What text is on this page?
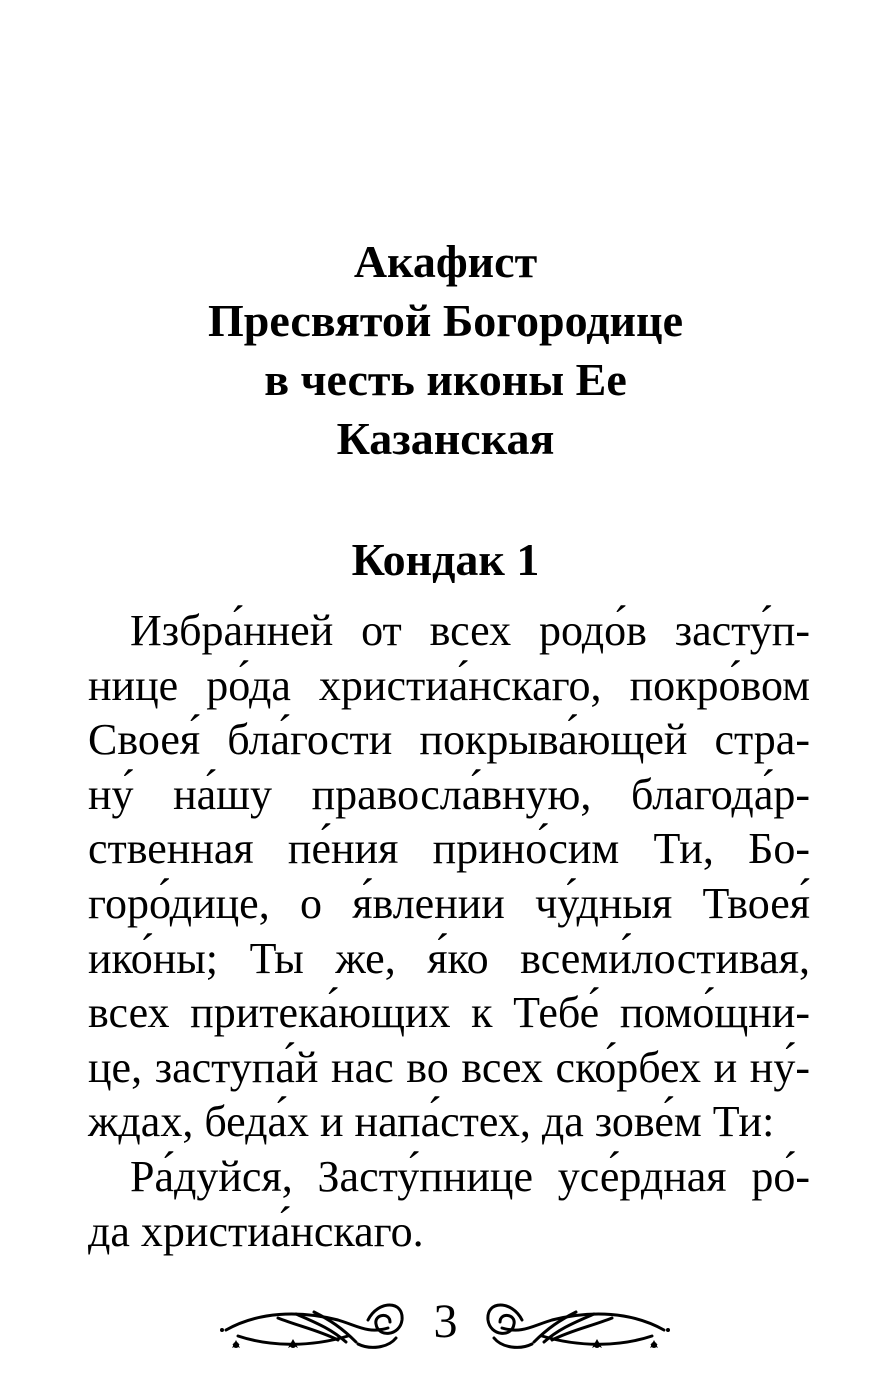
Акафист
Пресвятой Богородице
в честь иконы Ее
Казанская
Кондак 1
Избра́нней от всех родо́в засту́п-
нице ро́да христиа́нскаго, покро́вом
Своея́ бла́гости покрыва́ющей стра-
ну́ на́шу правосла́вную, благода́р-
ственная пе́ния прино́сим Ти, Бо-
горо́дице, о я́влении чу́дныя Твоея́
ико́ны; Ты же, я́ко всеми́лостивая,
всех притека́ющих к Тебе́ помо́щни-
це, заступа́й нас во всех ско́рбех и ну́-
ждах, беда́х и напа́стех, да зове́м Ти:
Ра́дуйся, Засту́пнице усе́рдная ро́-
да христиа́нскаго.
3
